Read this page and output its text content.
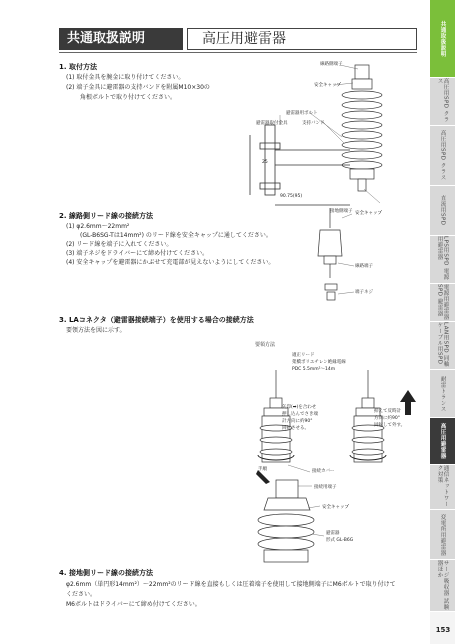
共通取扱説明	高圧用避雷器
1. 取付方法
(1) 取付金具を腕金に取り付けてください。
(2) 端子金具に避雷器の支持バンドを附属M10×30の
角根ボルトで取り付けてください。
線路側端子
安全キャップ
避雷器用ボルト
避雷器取付金具	支持バンド
90.75(95)
25
接地側端子
2. 線路側リード線の接続方法
(1) φ2.6mm～22mm²
(GL-B6SG-Tは14mm²) のリード線を安全キャップに通してください。
(2) リード線を端子に入れてください。
(3) 端子ネジをドライバーにて締め付けてください。
(4) 安全キャップを避雷器にかぶせて充電部が見えないようにしてください。
安全キャップ
線路端子
端子ネジ
3. LAコネクタ（避雷器接続端子）を使用する場合の接続方法
要領方法を図に示す。
要領方法
適正リード
架橋ポリエチレン絶縁電線
PDC 5.5mm²～14m
矢印(➡)を合わせ
押し込んでさき端
計方向に約90°
回転させる。
抑えて反時計
方向に約90°
回転して外す。
接続カバー
手順
接続用端子
安全キャップ
避雷器
形式 GL-B6G
4. 接地側リード線の接続方法
φ2.6mm（単円形14mm²）～22mm²のリード線を直接もしくは圧着端子を使用して接地側端子にM6ボルトで取り付けて
ください。
M6ボルトはドライバーにて締め付けてください。
共通取扱説明
高圧用SPD クラス
高圧用SPD クラス
直流用SPD
LPS用SPD 電源用避雷器
電源用避雷器SPD 避雷器
LAN用SPD 同軸ケーブル用SPD
耐雷トランス
高圧用避雷器
通信ネットワーク対策
変電所用避雷器
サージ吸収器 試験器ほか
153
